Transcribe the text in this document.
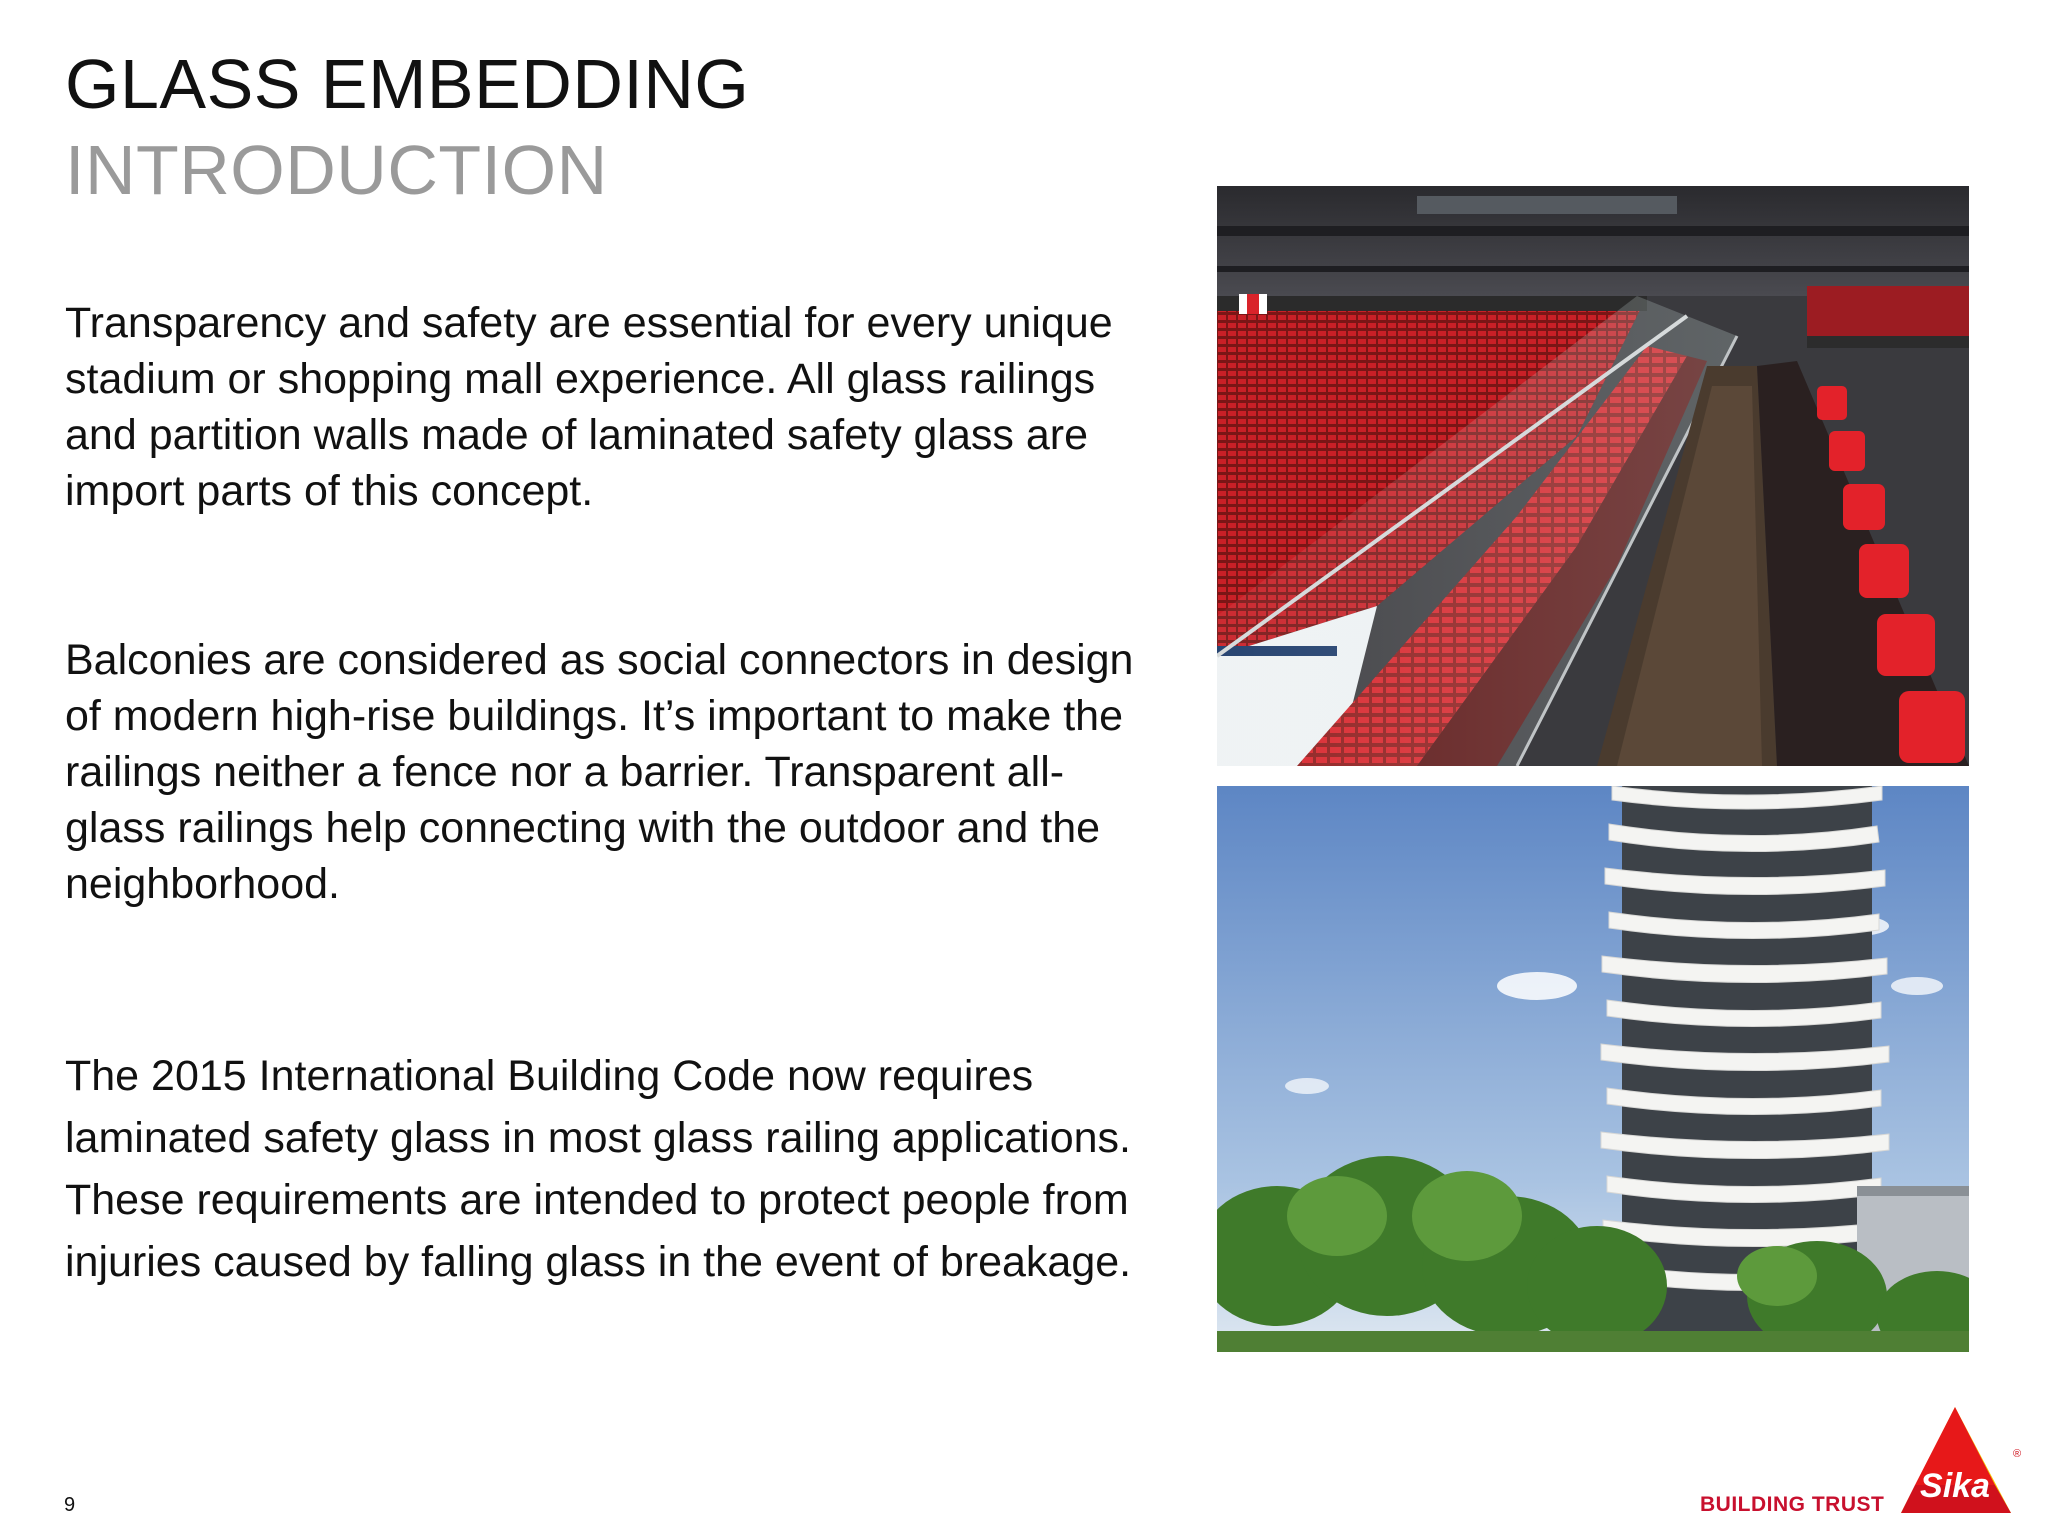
GLASS EMBEDDING
INTRODUCTION

Transparency and safety are essential for every unique stadium or shopping mall experience. All glass railings and partition walls made of laminated safety glass are import parts of this concept.

Balconies are considered as social connectors in design of modern high-rise buildings. It’s important to make the railings neither a fence nor a barrier. Transparent all-glass railings help connecting with the outdoor and the neighborhood.

The 2015 International Building Code now requires laminated safety glass in most glass railing applications. These requirements are intended to protect people from injuries caused by falling glass in the event of breakage.

9	BUILDING TRUST Sika
®
